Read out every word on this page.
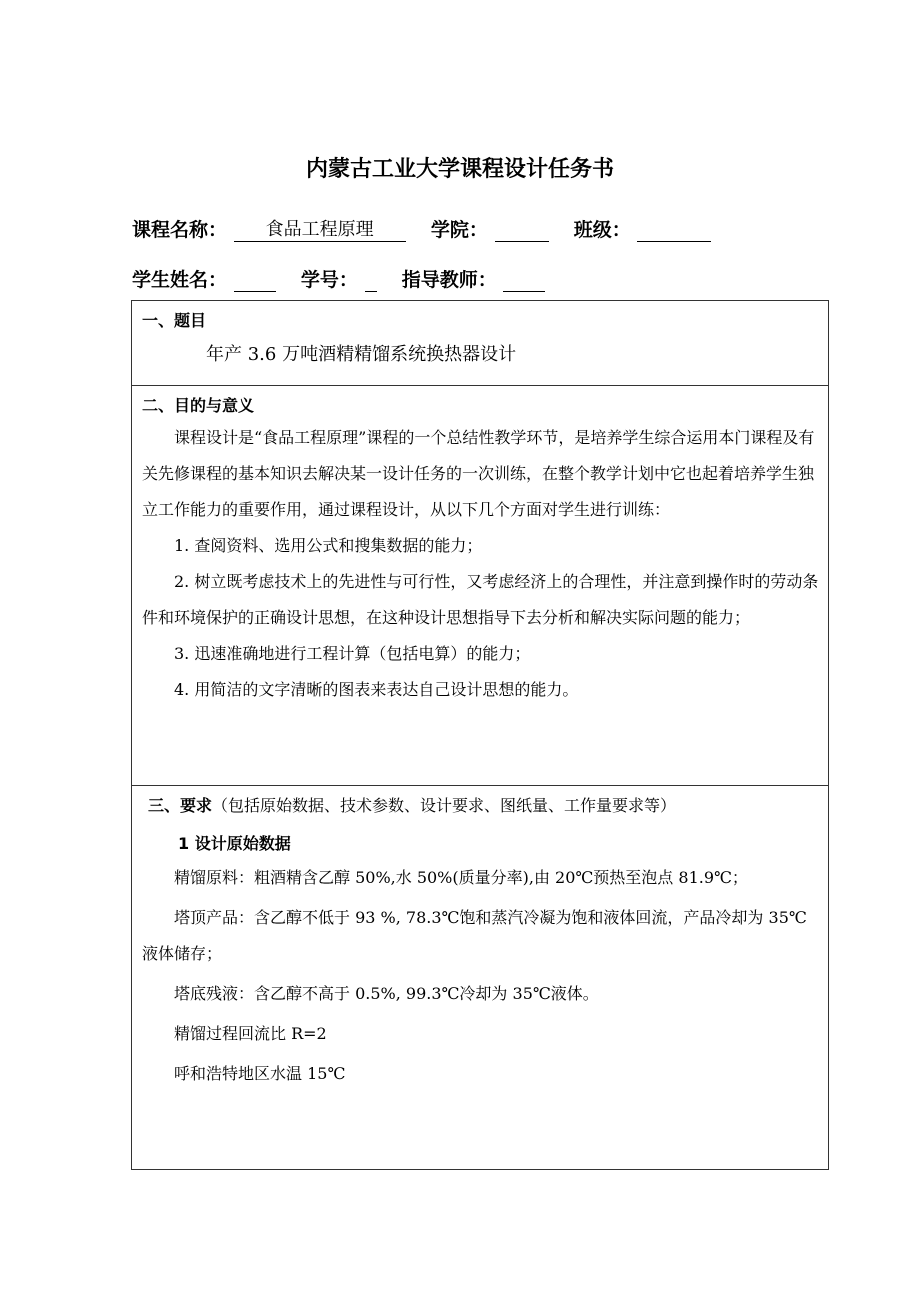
内蒙古工业大学课程设计任务书
课程名称： 食品工程原理	学院：	班级：
学生姓名：	学号： 指导教师：
一、题目
年产 3.6 万吨酒精精馏系统换热器设计

二、目的与意义

课程设计是“食品工程原理”课程的一个总结性教学环节，是培养学生综合运用本门课程及有关先修课程的基本知识去解决某一设计任务的一次训练，在整个教学计划中它也起着培养学生独立工作能力的重要作用，通过课程设计，从以下几个方面对学生进行训练：

1. 查阅资料、选用公式和搜集数据的能力；

2. 树立既考虑技术上的先进性与可行性，又考虑经济上的合理性，并注意到操作时的劳动条件和环境保护的正确设计思想，在这种设计思想指导下去分析和解决实际问题的能力；

3. 迅速准确地进行工程计算（包括电算）的能力；

4. 用简洁的文字清晰的图表来表达自己设计思想的能力。

三、要求（包括原始数据、技术参数、设计要求、图纸量、工作量要求等）
1 设计原始数据

精馏原料：粗酒精含乙醇 50%,水 50%(质量分率),由 20℃预热至泡点 81.9℃；

塔顶产品：含乙醇不低于 93 %, 78.3℃饱和蒸汽冷凝为饱和液体回流，产品冷却为 35℃液体储存；

塔底残液：含乙醇不高于 0.5%, 99.3℃冷却为 35℃液体。

精馏过程回流比 R=2

呼和浩特地区水温 15℃
